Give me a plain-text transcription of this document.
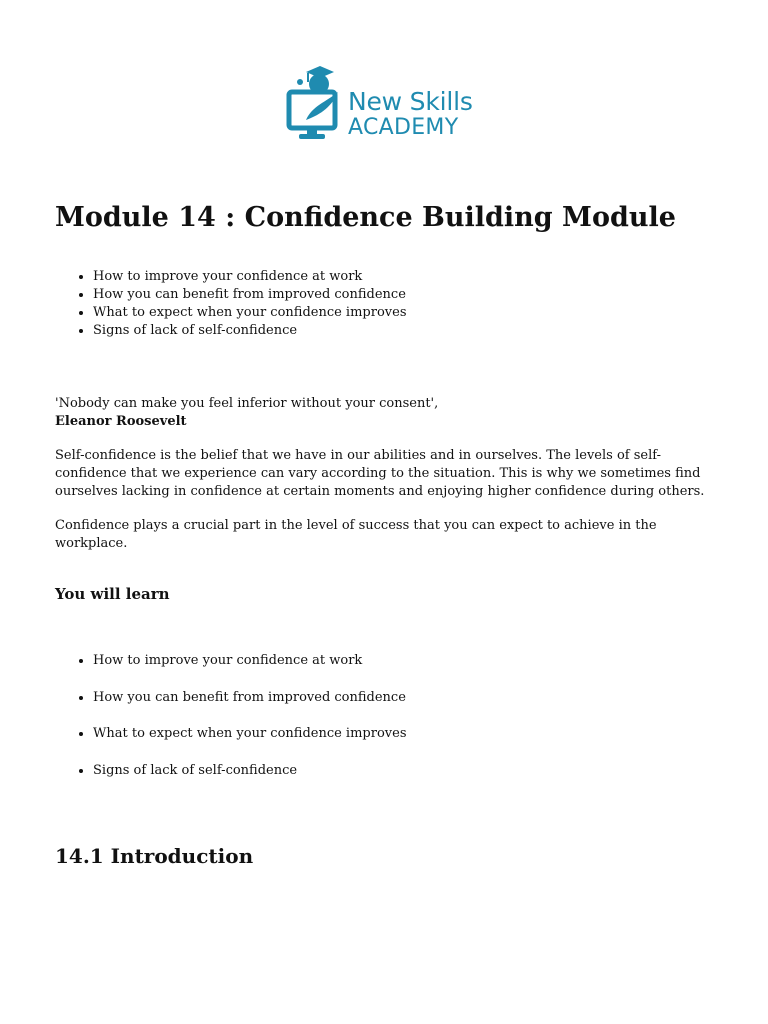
New Skills
ACADEMY
Module 14 : Confidence Building Module
• How to improve your confidence at work
• How you can benefit from improved confidence
• What to expect when your confidence improves
• Signs of lack of self-confidence
'Nobody can make you feel inferior without your consent',
Eleanor Roosevelt

Self-confidence is the belief that we have in our abilities and in ourselves. The levels of self-confidence that we experience can vary according to the situation. This is why we sometimes find ourselves lacking in confidence at certain moments and enjoying higher confidence during others.

Confidence plays a crucial part in the level of success that you can expect to achieve in the workplace.

You will learn
• How to improve your confidence at work
• How you can benefit from improved confidence
• What to expect when your confidence improves
• Signs of lack of self-confidence
14.1 Introduction
